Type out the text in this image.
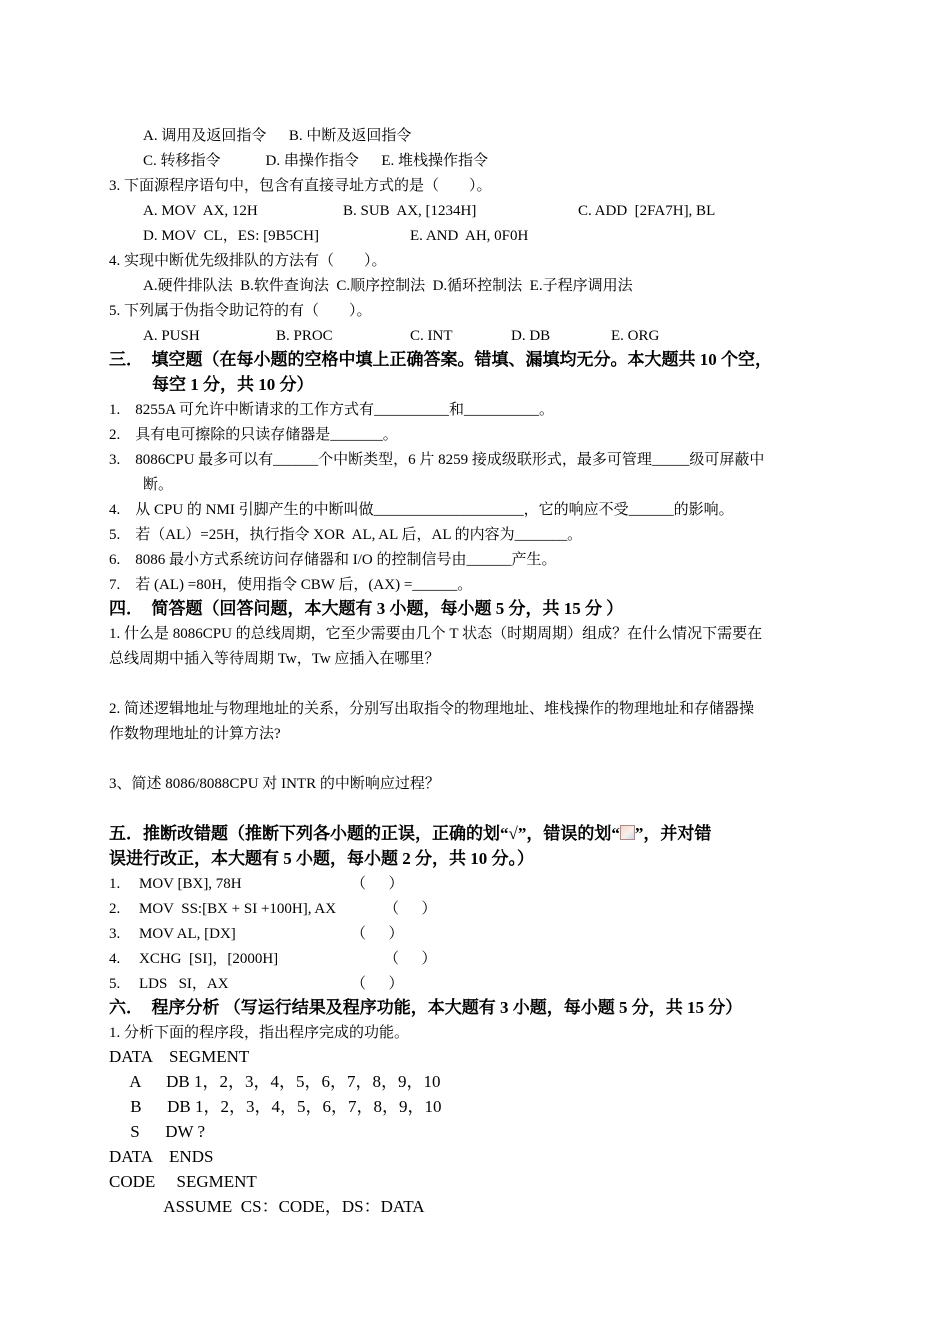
A. 调用及返回指令      B. 中断及返回指令
C. 转移指令            D. 串操作指令      E. 堆栈操作指令
3. 下面源程序语句中，包含有直接寻址方式的是（        ）。
A. MOV  AX, 12H	B. SUB  AX, [1234H]	C. ADD  [2FA7H], BL
D. MOV  CL，ES: [9B5CH]	E. AND  AH, 0F0H
4. 实现中断优先级排队的方法有（        ）。
A.硬件排队法  B.软件查询法  C.顺序控制法  D.循环控制法  E.子程序调用法
5. 下列属于伪指令助记符的有（        ）。
A. PUSH	B. PROC	C. INT	D. DB	E. ORG
三．  填空题（在每小题的空格中填上正确答案。错填、漏填均无分。本大题共 10 个空，
每空 1 分，共 10 分）
1.    8255A 可允许中断请求的工作方式有__________和__________。
2.    具有电可擦除的只读存储器是_______。
3.    8086CPU 最多可以有______个中断类型，6 片 8259 接成级联形式，最多可管理_____级可屏蔽中
断。
4.    从 CPU 的 NMI 引脚产生的中断叫做____________________，它的响应不受______的影响。
5.    若（AL）=25H，执行指令 XOR  AL, AL 后，AL 的内容为_______。
6.    8086 最小方式系统访问存储器和 I/O 的控制信号由______产生。
7.    若 (AL) =80H，使用指令 CBW 后，(AX) =______。
四．  简答题（回答问题，本大题有 3 小题，每小题 5 分，共 15 分 ）
1. 什么是 8086CPU 的总线周期，它至少需要由几个 T 状态（时期周期）组成？在什么情况下需要在
总线周期中插入等待周期 Tw，Tw 应插入在哪里？
2. 简述逻辑地址与物理地址的关系，分别写出取指令的物理地址、堆栈操作的物理地址和存储器操
作数物理地址的计算方法?
3、简述 8086/8088CPU 对 INTR 的中断响应过程？
五．推断改错题（推断下列各小题的正误，正确的划“√”，错误的划“ ”，并对错
误进行改正，本大题有 5 小题，每小题 2 分，共 10 分。）
1.     MOV [BX], 78H	（      ）
2.     MOV  SS:[BX + SI +100H], AX	（      ）
3.     MOV AL, [DX]	（      ）
4.     XCHG  [SI]，[2000H]	（      ）
5.     LDS   SI，AX	（      ）
六．  程序分析 （写运行结果及程序功能，本大题有 3 小题，每小题 5 分，共 15 分）
1. 分析下面的程序段，指出程序完成的功能。
DATA    SEGMENT
A      DB 1，2，3，4，5，6，7，8，9，10
B      DB 1，2，3，4，5，6，7，8，9，10
S      DW ?
DATA    ENDS
CODE     SEGMENT
ASSUME  CS：CODE，DS：DATA
